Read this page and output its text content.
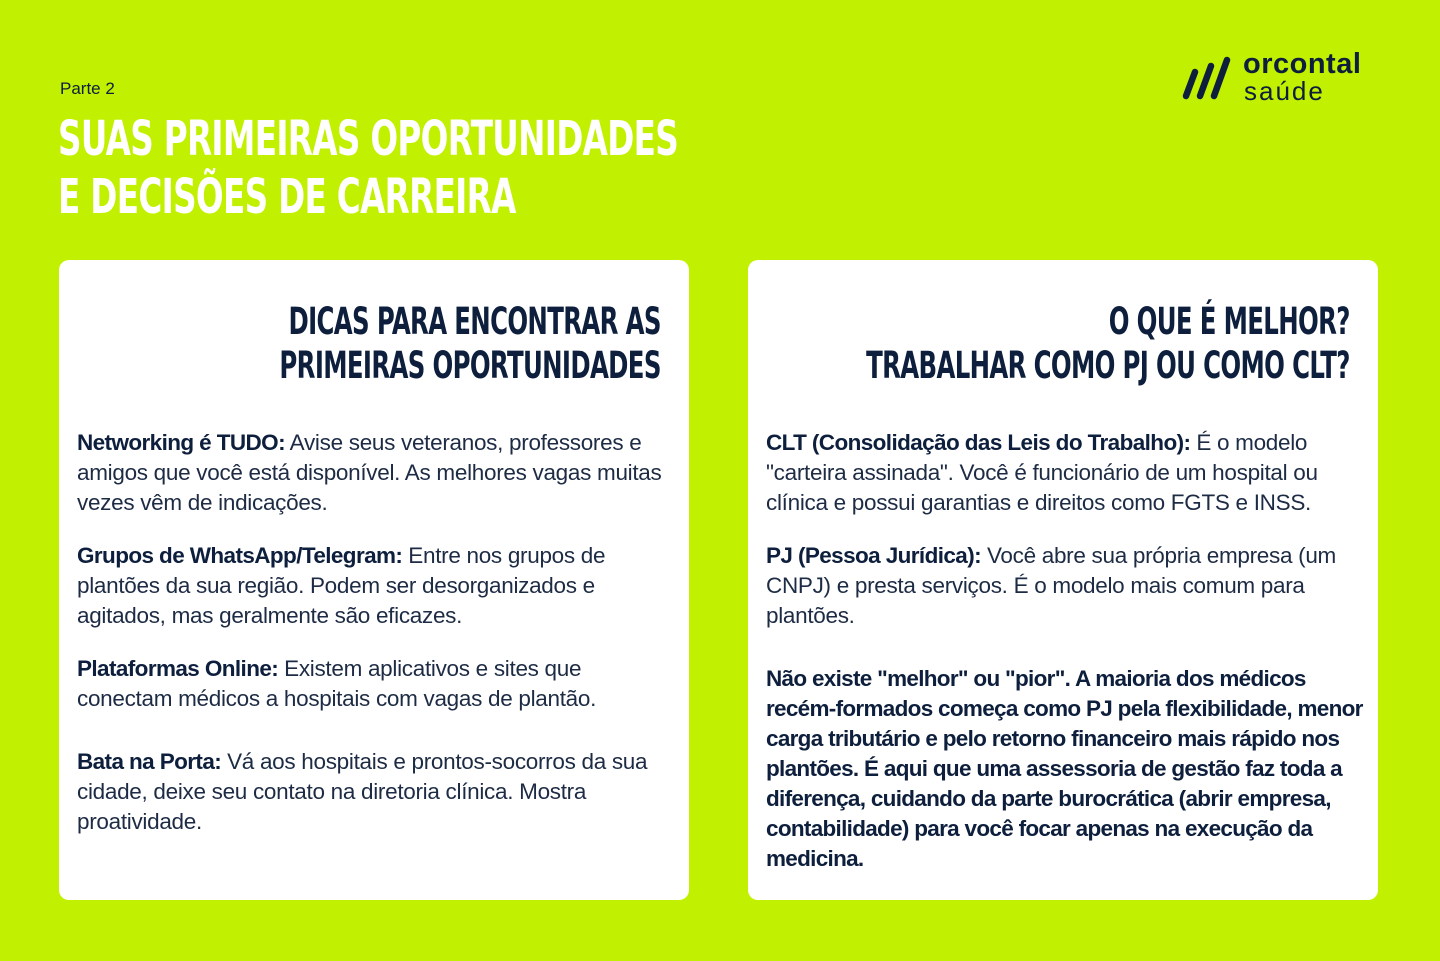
Parte 2
SUAS PRIMEIRAS OPORTUNIDADES
E DECISÕES DE CARREIRA
orcontal
saúde
DICAS PARA ENCONTRAR AS
PRIMEIRAS OPORTUNIDADES
Networking é TUDO: Avise seus veteranos, professores e amigos que você está disponível. As melhores vagas muitas vezes vêm de indicações.
Grupos de WhatsApp/Telegram: Entre nos grupos de plantões da sua região. Podem ser desorganizados e agitados, mas geralmente são eficazes.
Plataformas Online: Existem aplicativos e sites que conectam médicos a hospitais com vagas de plantão.
Bata na Porta: Vá aos hospitais e prontos-socorros da sua cidade, deixe seu contato na diretoria clínica. Mostra proatividade.
O QUE É MELHOR?
TRABALHAR COMO PJ OU COMO CLT?
CLT (Consolidação das Leis do Trabalho): É o modelo "carteira assinada". Você é funcionário de um hospital ou clínica e possui garantias e direitos como FGTS e INSS.
PJ (Pessoa Jurídica): Você abre sua própria empresa (um CNPJ) e presta serviços. É o modelo mais comum para plantões.
Não existe "melhor" ou "pior". A maioria dos médicos recém-formados começa como PJ pela flexibilidade, menor carga tributário e pelo retorno financeiro mais rápido nos plantões. É aqui que uma assessoria de gestão faz toda a diferença, cuidando da parte burocrática (abrir empresa, contabilidade) para você focar apenas na execução da medicina.
